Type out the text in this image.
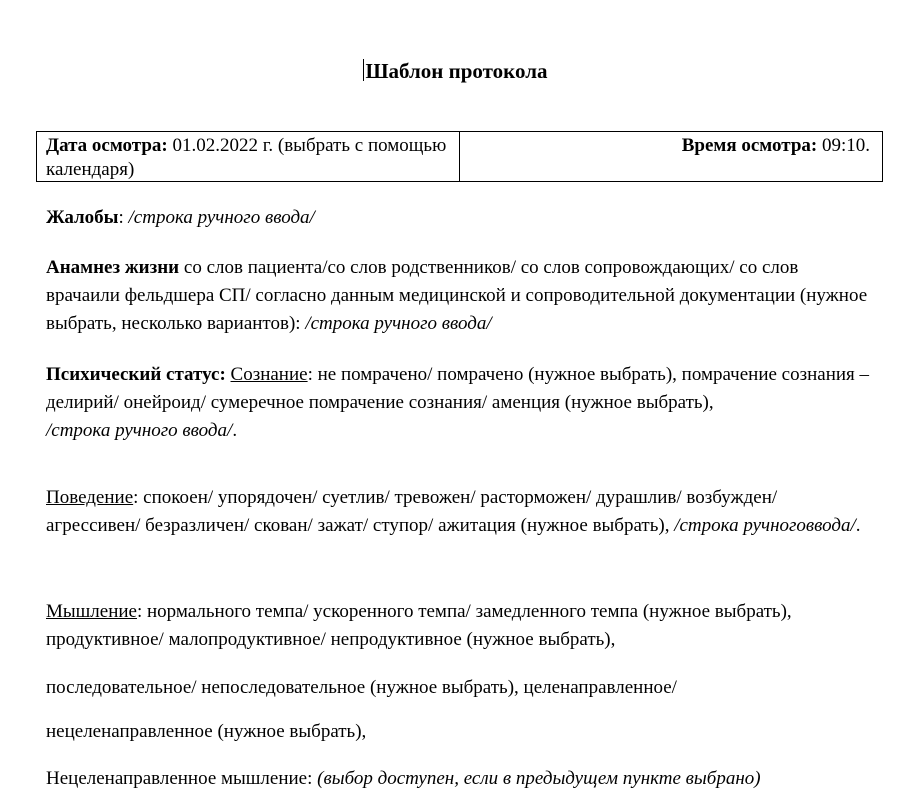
Шаблон протокола
Дата осмотра: 01.02.2022 г. (выбрать с помощью календаря)
Время осмотра: 09:10.

Жалобы: /строка ручного ввода/

Анамнез жизни со слов пациента/со слов родственников/ со слов сопровождающих/ со слов врачаили фельдшера СП/ согласно данным медицинской и сопроводительной документации (нужное выбрать, несколько вариантов): /строка ручного ввода/

Психический статус: Сознание: не помрачено/ помрачено (нужное выбрать), помрачение сознания – делирий/ онейроид/ сумеречное помрачение сознания/ аменция (нужное выбрать),
/строка ручного ввода/.

Поведение: спокоен/ упорядочен/ суетлив/ тревожен/ расторможен/ дурашлив/ возбужден/ агрессивен/ безразличен/ скован/ зажат/ ступор/ ажитация (нужное выбрать), /строка ручноговвода/.

Мышление: нормального темпа/ ускоренного темпа/ замедленного темпа (нужное выбрать), продуктивное/ малопродуктивное/ непродуктивное (нужное выбрать),

последовательное/ непоследовательное (нужное выбрать), целенаправленное/

нецеленаправленное (нужное выбрать),

Нецеленаправленное мышление: (выбор доступен, если в предыдущем пункте выбрано)
